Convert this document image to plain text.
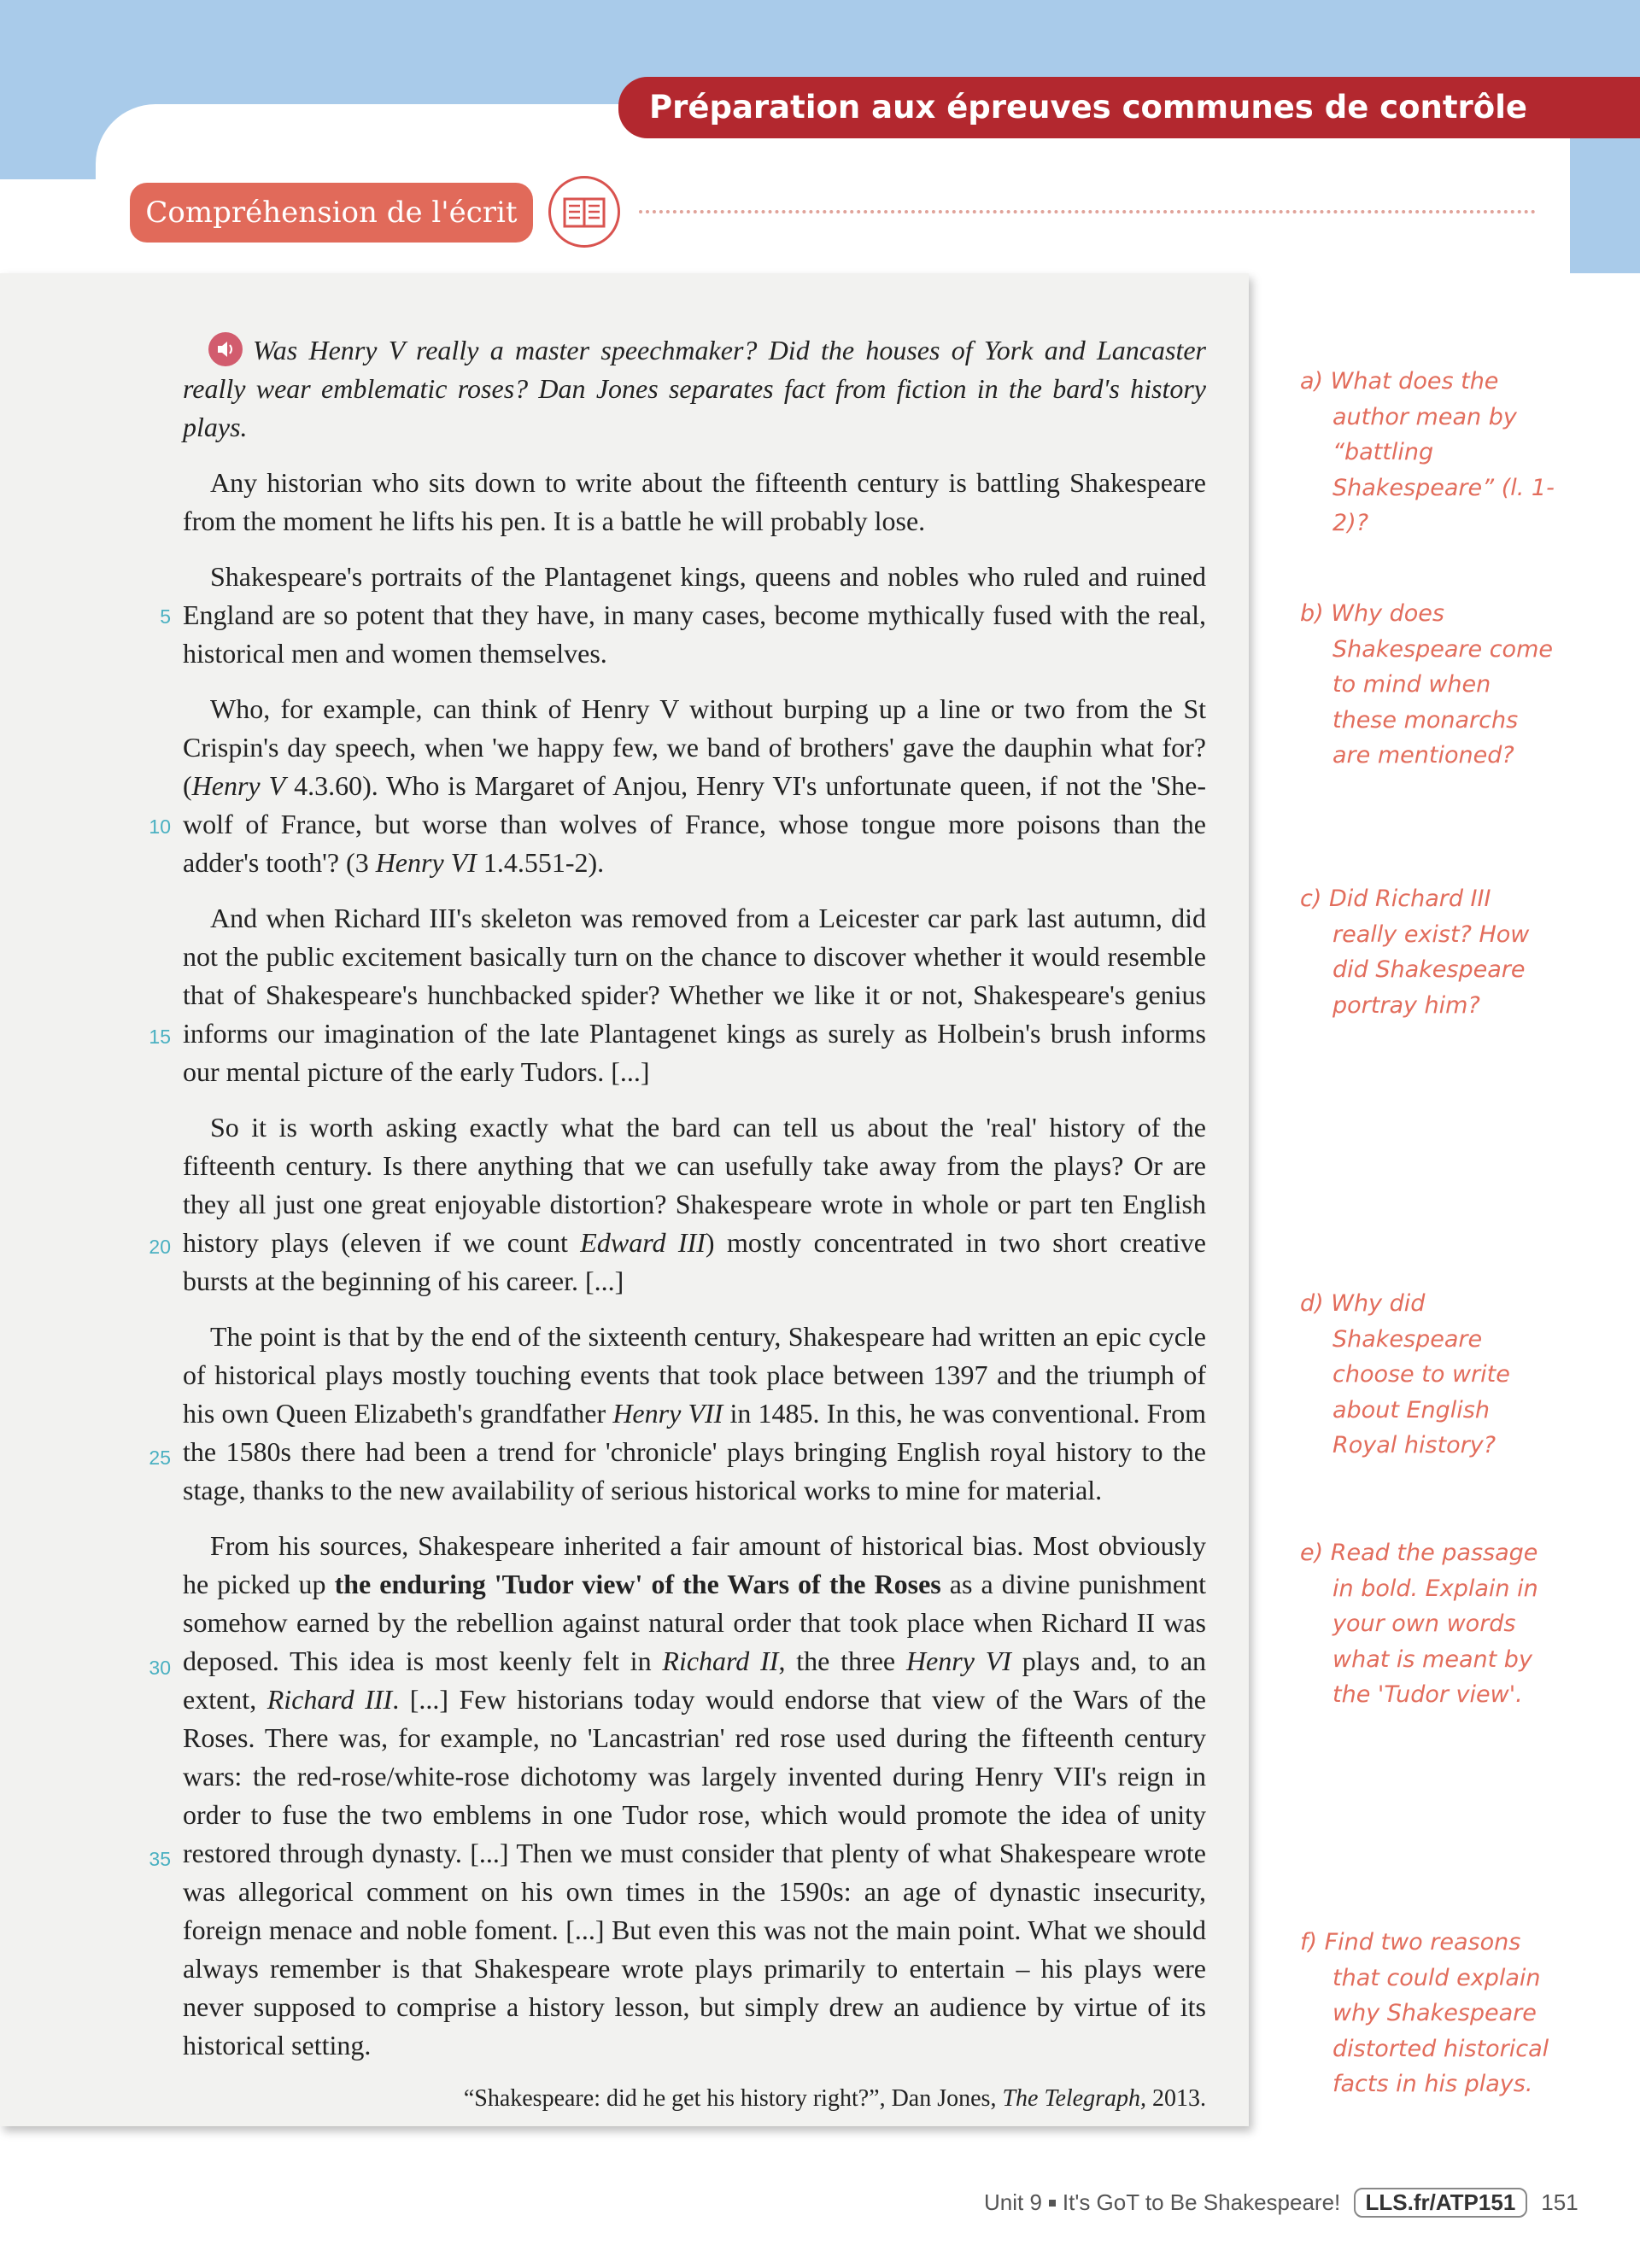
Préparation aux épreuves communes de contrôle continu
Compréhension de l'écrit

Was Henry V really a master speechmaker? Did the houses of York and Lancaster really wear emblematic roses? Dan Jones separates fact from fiction in the bard's history plays.

Any historian who sits down to write about the fifteenth century is battling Shakespeare from the moment he lifts his pen. It is a battle he will probably lose.

Shakespeare's portraits of the Plantagenet kings, queens and nobles who ruled and ruined England are so potent that they have, in many cases, become mythically fused with the real, historical men and women themselves.

Who, for example, can think of Henry V without burping up a line or two from the St Crispin's day speech, when 'we happy few, we band of brothers' gave the dauphin what for? (Henry V 4.3.60). Who is Margaret of Anjou, Henry VI's unfortunate queen, if not the 'She-wolf of France, but worse than wolves of France, whose tongue more poisons than the adder's tooth'? (3 Henry VI 1.4.551-2).

And when Richard III's skeleton was removed from a Leicester car park last autumn, did not the public excitement basically turn on the chance to discover whether it would resemble that of Shakespeare's hunchbacked spider? Whether we like it or not, Shakespeare's genius informs our imagination of the late Plantagenet kings as surely as Holbein's brush informs our mental picture of the early Tudors. [...]

So it is worth asking exactly what the bard can tell us about the 'real' history of the fifteenth century. Is there anything that we can usefully take away from the plays? Or are they all just one great enjoyable distortion? Shakespeare wrote in whole or part ten English history plays (eleven if we count Edward III) mostly concentrated in two short creative bursts at the beginning of his career. [...]

The point is that by the end of the sixteenth century, Shakespeare had written an epic cycle of historical plays mostly touching events that took place between 1397 and the triumph of his own Queen Elizabeth's grandfather Henry VII in 1485. In this, he was conventional. From the 1580s there had been a trend for 'chronicle' plays bringing English royal history to the stage, thanks to the new availability of serious historical works to mine for material.

From his sources, Shakespeare inherited a fair amount of historical bias. Most obviously he picked up the enduring 'Tudor view' of the Wars of the Roses as a divine punishment somehow earned by the rebellion against natural order that took place when Richard II was deposed. This idea is most keenly felt in Richard II, the three Henry VI plays and, to an extent, Richard III. [...] Few historians today would endorse that view of the Wars of the Roses. There was, for example, no 'Lancastrian' red rose used during the fifteenth century wars: the red-rose/white-rose dichotomy was largely invented during Henry VII's reign in order to fuse the two emblems in one Tudor rose, which would promote the idea of unity restored through dynasty. [...] Then we must consider that plenty of what Shakespeare wrote was allegorical comment on his own times in the 1590s: an age of dynastic insecurity, foreign menace and noble foment. [...] But even this was not the main point. What we should always remember is that Shakespeare wrote plays primarily to entertain – his plays were never supposed to comprise a history lesson, but simply drew an audience by virtue of its historical setting.

“Shakespeare: did he get his history right?”, Dan Jones, The Telegraph, 2013.
5
10
15
20
25
30
35
a) What does the
author mean by “battling Shakespeare” (l. 1-2)?
b) Why does
Shakespeare come to mind when these monarchs are mentioned?
c) Did Richard III
really exist? How did Shakespeare portray him?
d) Why did
Shakespeare choose to write about English Royal history?
e) Read the passage
in bold. Explain in your own words what is meant by the 'Tudor view'.
f) Find two reasons
that could explain why Shakespeare distorted historical facts in his plays.
Unit 9 It's GoT to Be Shakespeare! LLS.fr/ATP151 151
